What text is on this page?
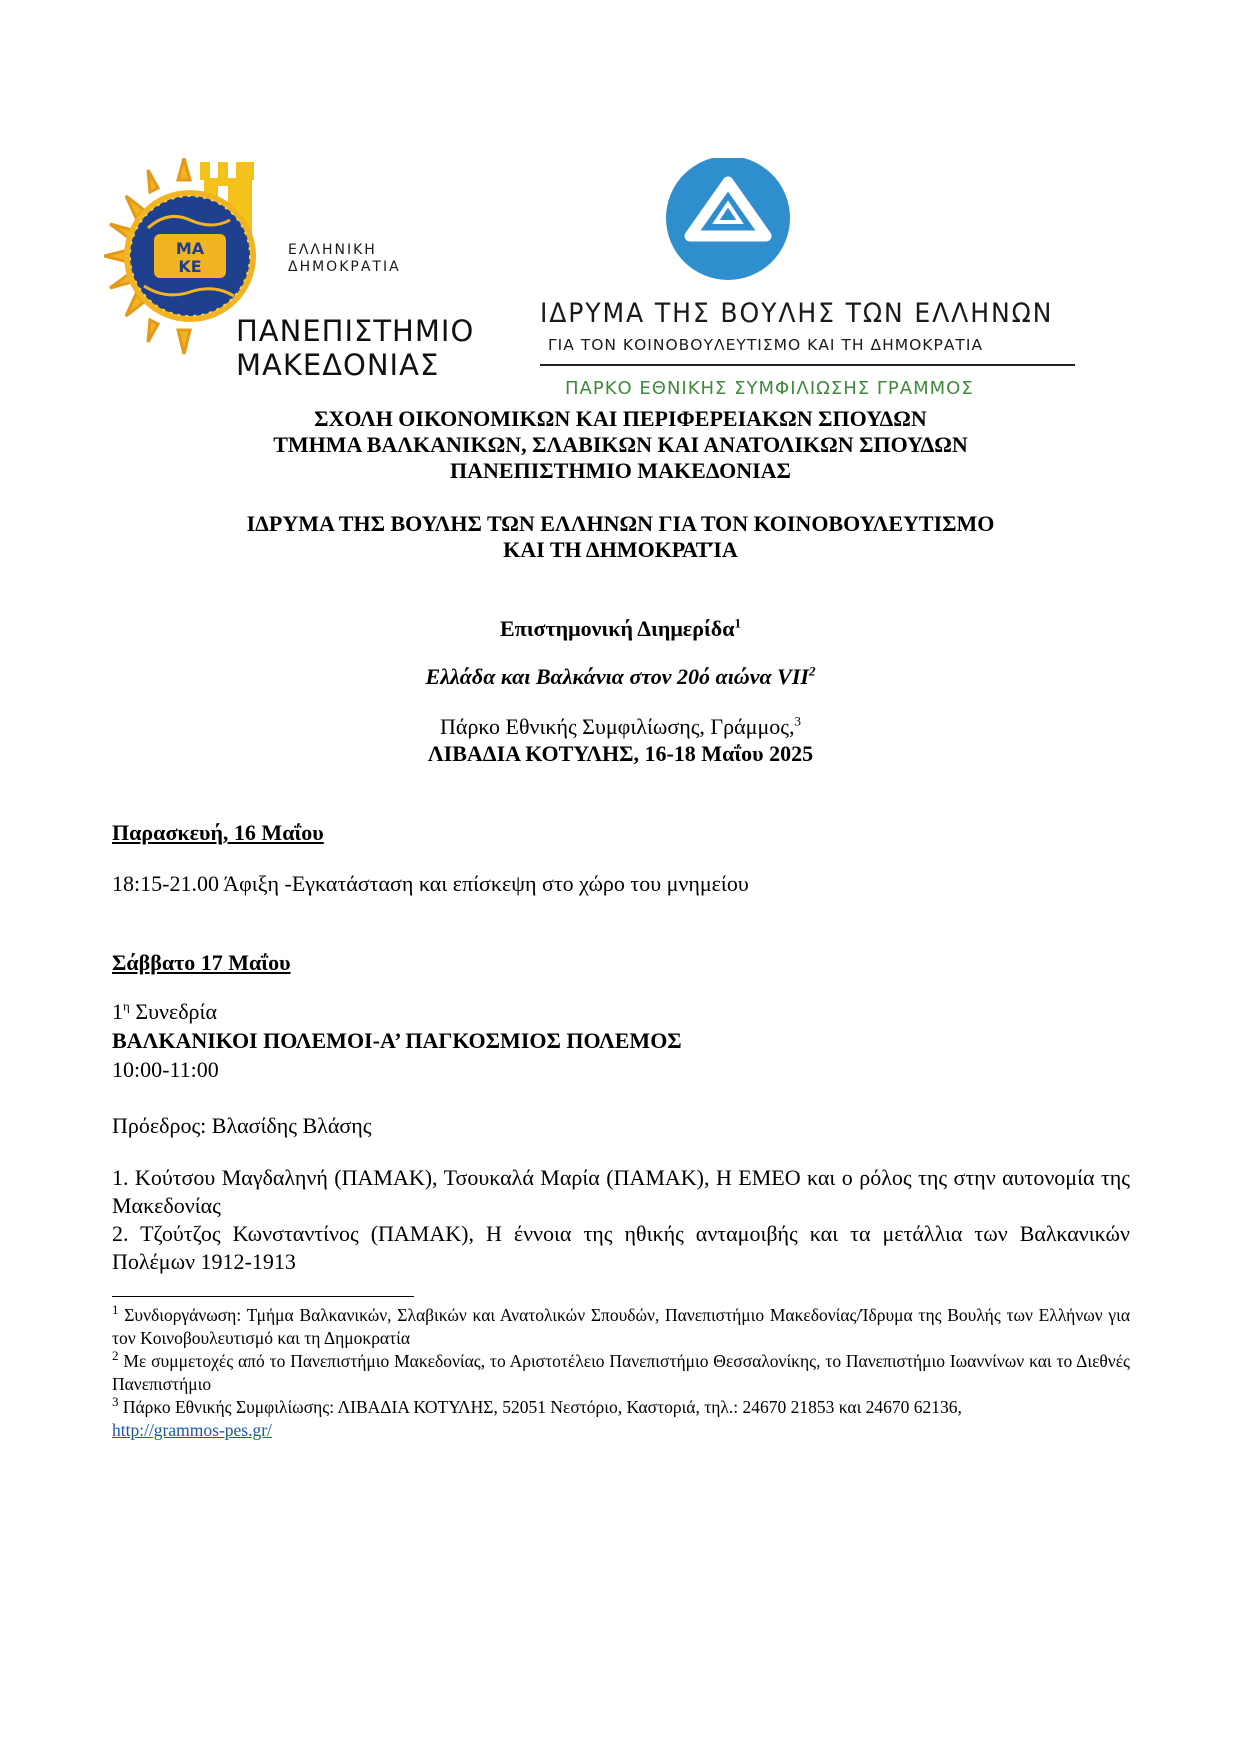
ΜΑ
ΚΕ
ΕΛΛΗΝΙΚΗ
ΔΗΜΟΚΡΑΤΙΑ
ΠΑΝΕΠΙΣΤΗΜΙΟ
ΜΑΚΕΔΟΝΙΑΣ
ΙΔΡΥΜΑ ΤΗΣ ΒΟΥΛΗΣ ΤΩΝ ΕΛΛΗΝΩΝ
ΓΙΑ ΤΟΝ ΚΟΙΝΟΒΟΥΛΕΥΤΙΣΜΟ ΚΑΙ ΤΗ ΔΗΜΟΚΡΑΤΙΑ
ΠΑΡΚΟ ΕΘΝΙΚΗΣ ΣΥΜΦΙΛΙΩΣΗΣ ΓΡΑΜΜΟΣ

ΣΧΟΛΗ ΟΙΚΟΝΟΜΙΚΩΝ ΚΑΙ ΠΕΡΙΦΕΡΕΙΑΚΩΝ ΣΠΟΥΔΩΝ

ΤΜΗΜΑ ΒΑΛΚΑΝΙΚΩΝ, ΣΛΑΒΙΚΩΝ ΚΑΙ ΑΝΑΤΟΛΙΚΩΝ ΣΠΟΥΔΩΝ

ΠΑΝΕΠΙΣΤΗΜΙΟ ΜΑΚΕΔΟΝΙΑΣ

ΙΔΡΥΜΑ ΤΗΣ ΒΟΥΛΗΣ ΤΩΝ ΕΛΛΗΝΩΝ ΓΙΑ ΤΟΝ ΚΟΙΝΟΒΟΥΛΕΥΤΙΣΜΟ

ΚΑΙ ΤΗ ΔΗΜΟΚΡΑΤΊΑ

Επιστημονική Διημερίδα$^1$
Ελλάδα και Βαλκάνια στον 20ό αιώνα VII$^2$
Πάρκο Εθνικής Συμφιλίωσης, Γράμμος,$^3$
ΛΙΒΑΔΙΑ ΚΟΤΥΛΗΣ, 16-18 Μαΐου 2025
Παρασκευή, 16 Μαΐου
18:15-21.00 Άφιξη -Εγκατάσταση και επίσκεψη στο χώρο του μνημείου
Σάββατο 17 Μαΐου
$1^\eta$ Συνεδρία
ΒΑΛΚΑΝΙΚΟΙ ΠΟΛΕΜΟΙ-Α’ ΠΑΓΚΟΣΜΙΟΣ ΠΟΛΕΜΟΣ
10:00-11:00
Πρόεδρος: Βλασίδης Βλάσης
1. Κούτσου Μαγδαληνή (ΠΑΜΑΚ), Τσουκαλά Μαρία (ΠΑΜΑΚ), Η ΕΜΕΟ και ο ρόλος της στην αυτονομία της Μακεδονίας
2. Τζούτζος Κωνσταντίνος (ΠΑΜΑΚ), Η έννοια της ηθικής ανταμοιβής και τα μετάλλια των Βαλκανικών Πολέμων 1912-1913
$^1$ Συνδιοργάνωση: Τμήμα Βαλκανικών, Σλαβικών και Ανατολικών Σπουδών, Πανεπιστήμιο Μακεδονίας/Ίδρυμα της Βουλής των Ελλήνων για τον Κοινοβουλευτισμό και τη Δημοκρατία
$^2$ Με συμμετοχές από το Πανεπιστήμιο Μακεδονίας, το Αριστοτέλειο Πανεπιστήμιο Θεσσαλονίκης, το Πανεπιστήμιο Ιωαννίνων και το Διεθνές Πανεπιστήμιο
$^3$ Πάρκο Εθνικής Συμφιλίωσης: ΛΙΒΑΔΙΑ ΚΟΤΥΛΗΣ, 52051 Νεστόριο, Καστοριά, τηλ.: 24670 21853 και 24670 62136,
http://grammos-pes.gr/
